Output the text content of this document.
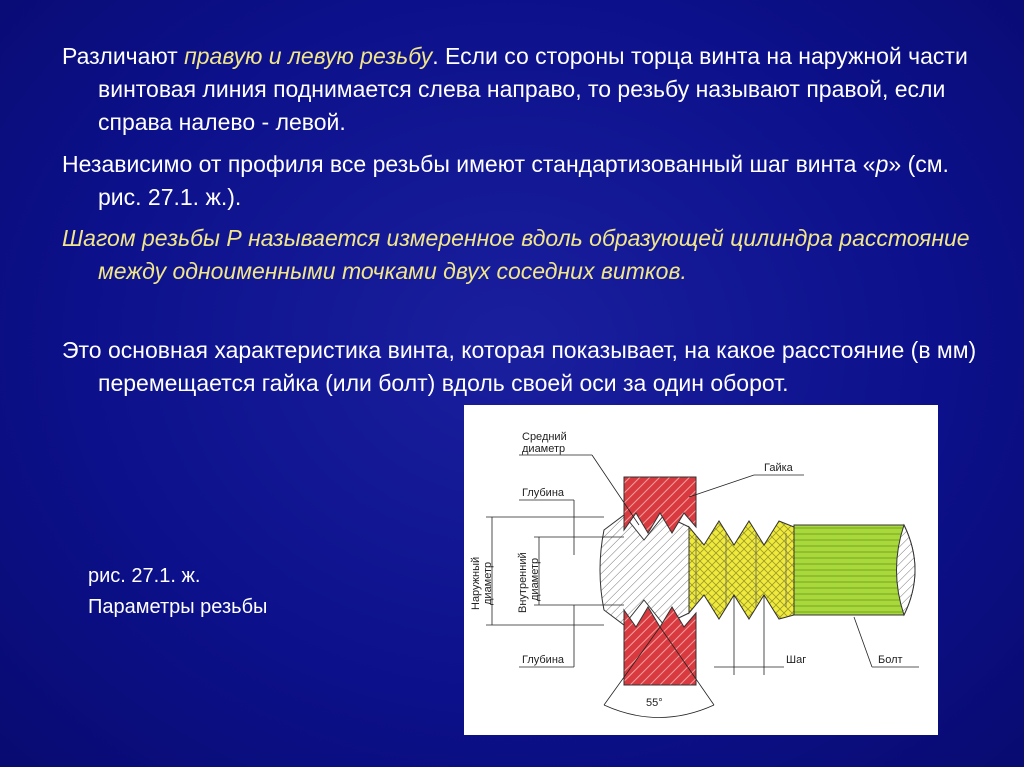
Различают правую и левую резьбу. Если со стороны торца винта на наружной части винтовая линия поднимается слева направо, то резьбу называют правой, если справа налево - левой.
Независимо от профиля все резьбы имеют стандартизованный шаг винта «р» (см. рис. 27.1. ж.).
Шагом резьбы Р называется измеренное вдоль образующей цилиндра расстояние между одноименными точками двух соседних витков.
Это основная характеристика винта, которая показывает, на какое расстояние (в мм) перемещается гайка (или болт) вдоль своей оси за один оборот.
рис. 27.1. ж.
Параметры резьбы
Средний
диаметр
Гайка
Глубина
Глубина	Шаг	Болт
55°
Наружный диаметр Внутренний диаметр
